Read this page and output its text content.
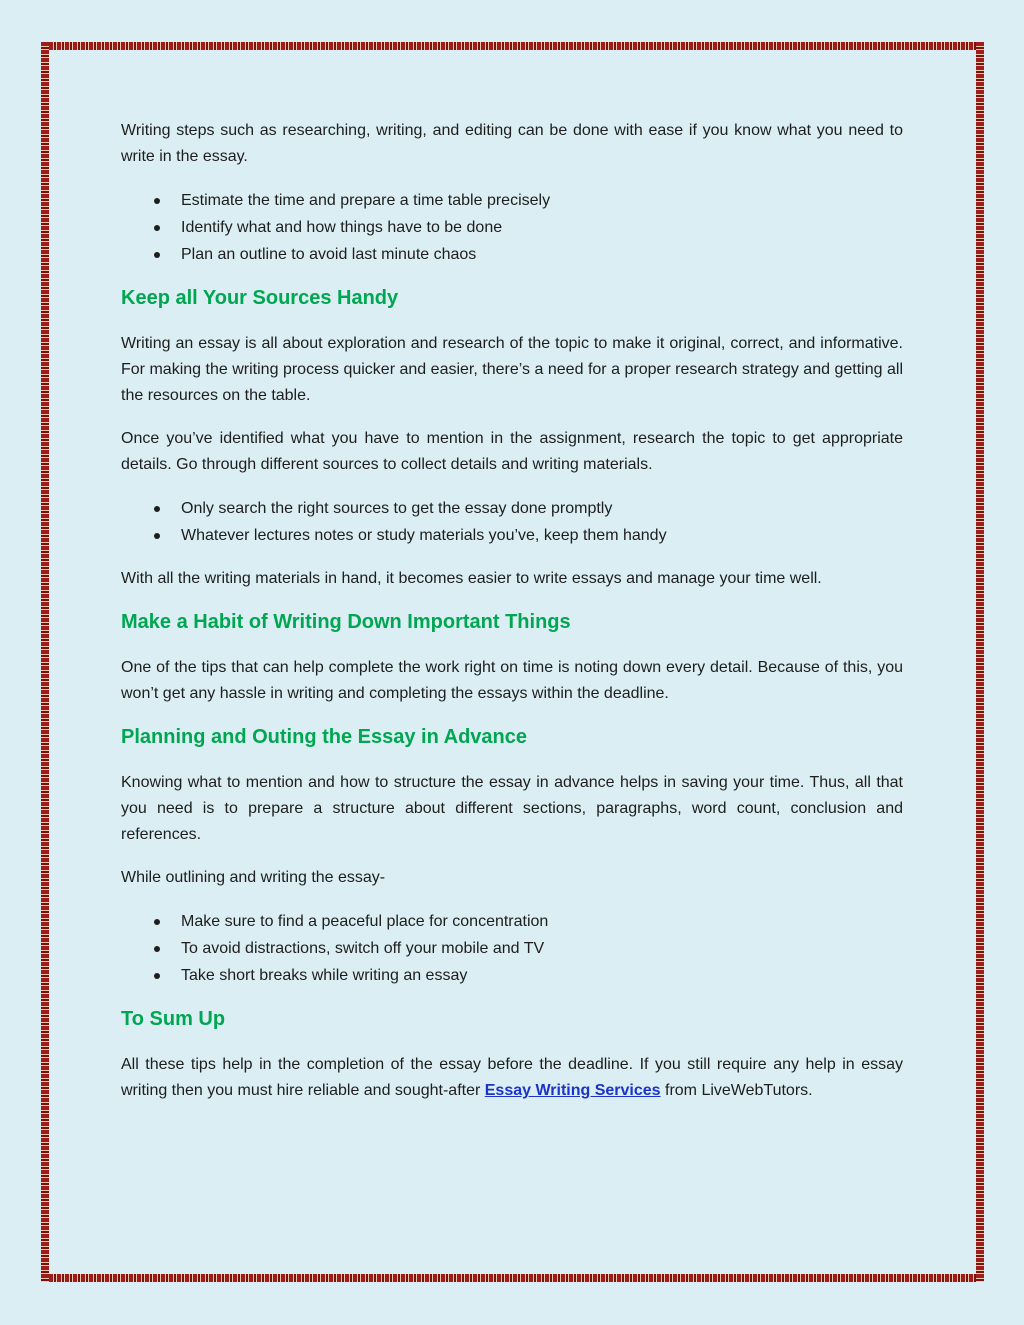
Writing steps such as researching, writing, and editing can be done with ease if you know what you need to write in the essay.

Estimate the time and prepare a time table precisely
Identify what and how things have to be done
Plan an outline to avoid last minute chaos
Keep all Your Sources Handy

Writing an essay is all about exploration and research of the topic to make it original, correct, and informative. For making the writing process quicker and easier, there’s a need for a proper research strategy and getting all the resources on the table.

Once you’ve identified what you have to mention in the assignment, research the topic to get appropriate details. Go through different sources to collect details and writing materials.

Only search the right sources to get the essay done promptly
Whatever lectures notes or study materials you’ve, keep them handy

With all the writing materials in hand, it becomes easier to write essays and manage your time well.

Make a Habit of Writing Down Important Things

One of the tips that can help complete the work right on time is noting down every detail. Because of this, you won’t get any hassle in writing and completing the essays within the deadline.

Planning and Outing the Essay in Advance

Knowing what to mention and how to structure the essay in advance helps in saving your time. Thus, all that you need is to prepare a structure about different sections, paragraphs, word count, conclusion and references.

While outlining and writing the essay-

Make sure to find a peaceful place for concentration
To avoid distractions, switch off your mobile and TV
Take short breaks while writing an essay
To Sum Up

All these tips help in the completion of the essay before the deadline. If you still require any help in essay writing then you must hire reliable and sought-after Essay Writing Services from LiveWebTutors.
